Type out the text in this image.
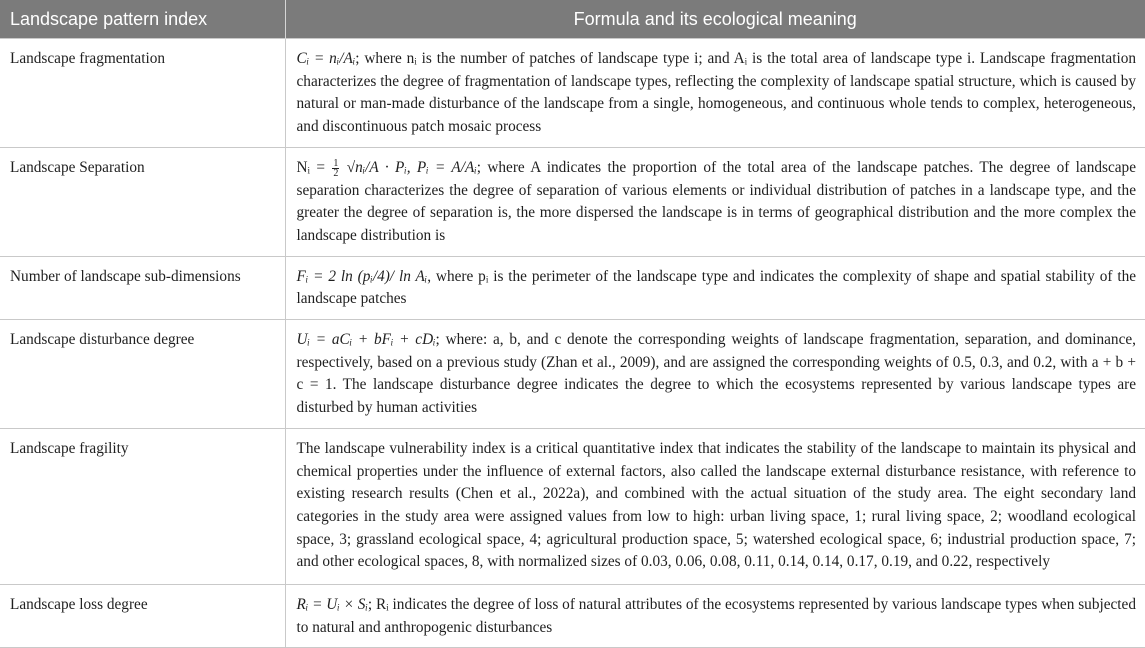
Landscape pattern index	Formula and its ecological meaning
Landscape fragmentation	Cᵢ = nᵢ/Aᵢ; where nᵢ is the number of patches of landscape type i; and Aᵢ is the total area of landscape type i. Landscape fragmentation characterizes the degree of fragmentation of landscape types, reflecting the complexity of landscape spatial structure, which is caused by natural or man-made disturbance of the landscape from a single, homogeneous, and continuous whole tends to complex, heterogeneous, and discontinuous patch mosaic process
Landscape Separation	Nᵢ = $\frac{1}{2}$ √nᵢ/A · Pᵢ, Pᵢ = A/Aᵢ; where A indicates the proportion of the total area of the landscape patches. The degree of landscape separation characterizes the degree of separation of various elements or individual distribution of patches in a landscape type, and the greater the degree of separation is, the more dispersed the landscape is in terms of geographical distribution and the more complex the landscape distribution is
Number of landscape sub-dimensions	Fᵢ = 2 ln (pᵢ/4)/ ln Aᵢ, where pᵢ is the perimeter of the landscape type and indicates the complexity of shape and spatial stability of the landscape patches
Landscape disturbance degree	Uᵢ = aCᵢ + bFᵢ + cDᵢ; where: a, b, and c denote the corresponding weights of landscape fragmentation, separation, and dominance, respectively, based on a previous study (Zhan et al., 2009), and are assigned the corresponding weights of 0.5, 0.3, and 0.2, with a + b + c = 1. The landscape disturbance degree indicates the degree to which the ecosystems represented by various landscape types are disturbed by human activities
Landscape fragility	The landscape vulnerability index is a critical quantitative index that indicates the stability of the landscape to maintain its physical and chemical properties under the influence of external factors, also called the landscape external disturbance resistance, with reference to existing research results (Chen et al., 2022a), and combined with the actual situation of the study area. The eight secondary land categories in the study area were assigned values from low to high: urban living space, 1; rural living space, 2; woodland ecological space, 3; grassland ecological space, 4; agricultural production space, 5; watershed ecological space, 6; industrial production space, 7; and other ecological spaces, 8, with normalized sizes of 0.03, 0.06, 0.08, 0.11, 0.14, 0.14, 0.17, 0.19, and 0.22, respectively
Landscape loss degree	Rᵢ = Uᵢ × Sᵢ; Rᵢ indicates the degree of loss of natural attributes of the ecosystems represented by various landscape types when subjected to natural and anthropogenic disturbances
